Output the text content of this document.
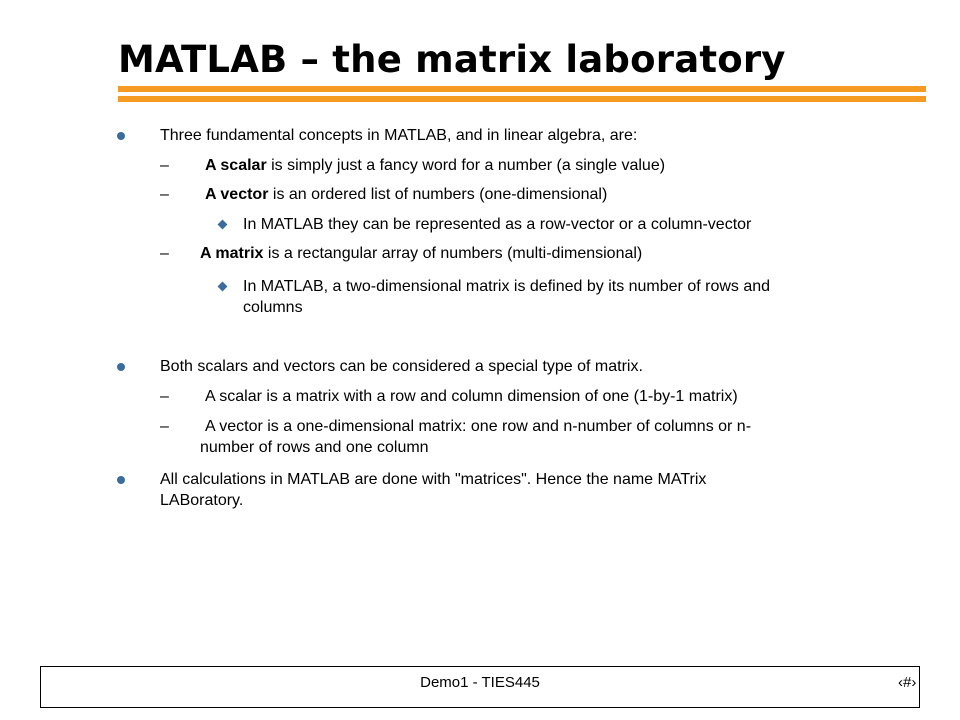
MATLAB – the matrix laboratory
Three fundamental concepts in MATLAB, and in linear algebra, are:
– A scalar is simply just a fancy word for a number (a single value)
– A vector is an ordered list of numbers (one-dimensional)
In MATLAB they can be represented as a row-vector or a column-vector
– A matrix is a rectangular array of numbers (multi-dimensional)
In MATLAB, a two-dimensional matrix is defined by its number of rows and
columns
Both scalars and vectors can be considered a special type of matrix.
– A scalar is a matrix with a row and column dimension of one (1-by-1 matrix)
– A vector is a one-dimensional matrix: one row and n-number of columns or n-
number of rows and one column
All calculations in MATLAB are done with "matrices". Hence the name MATrix
LABoratory.
Demo1 - TIES445	‹#›
